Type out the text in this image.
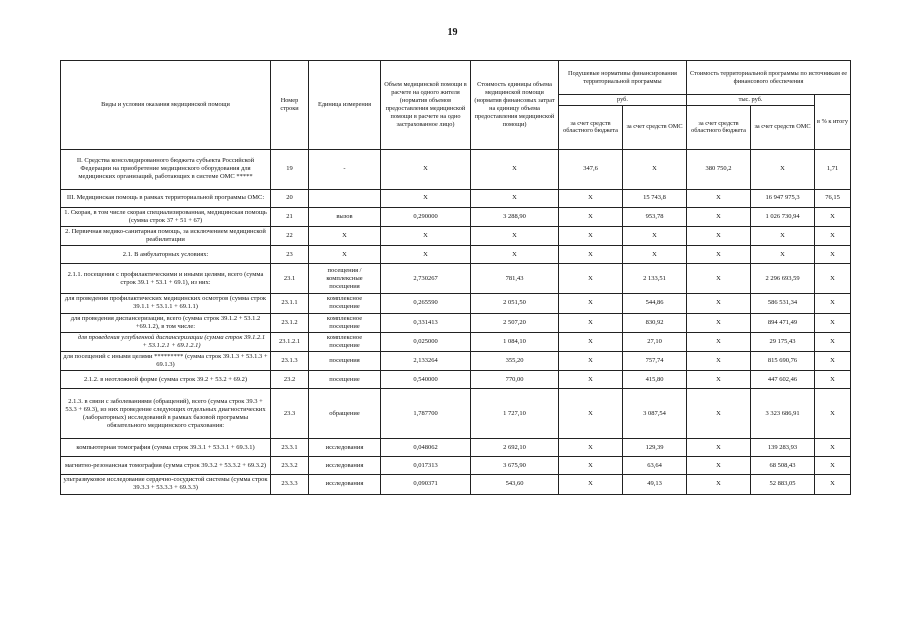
19
Виды и условия оказания медицинской помощи	Номер строки	Единица измерения	Объем медицинской помощи в расчете на одного жителя (норматив объемов предоставления медицинской помощи в расчете на одно застрахованное лицо)	Стоимость единицы объема медицинской помощи (норматив финансовых затрат на единицу объема предоставления медицинской помощи)	Подушевые нормативы финансирования территориальной программы		Стоимость территориальной программы по источникам ее финансового обеспечения		
					руб.		тыс. руб.		в % к итогу
					за счет средств областного бюджета	за счет средств ОМС	за счет средств областного бюджета	за счет средств ОМС	
II. Средства консолидированного бюджета субъекта Российской Федерации на приобретение медицинского оборудования для медицинских организаций, работающих в системе ОМС *****	19	-	X	X	347,6	X	380 750,2	X	1,71
III. Медицинская помощь в рамках территориальной программы ОМС:	20		X	X	X	15 743,8	X	16 947 975,3	76,15
1. Скорая, в том числе скорая специализированная, медицинская помощь (сумма строк 37 + 51 + 67)	21	вызов	0,290000	3 288,90	X	953,78	X	1 026 730,94	X
2. Первичная медико-санитарная помощь, за исключением медицинской реабилитации	22	X	X	X	X	X	X	X	X
2.1. В амбулаторных условиях:	23	X	X	X	X	X	X	X	X
2.1.1. посещения с профилактическими и иными целями, всего (сумма строк 39.1 + 53.1 + 69.1), из них:	23.1	посещения / комплексные посещения	2,730267	781,43	X	2 133,51	X	2 296 693,59	X
для проведения профилактических медицинских осмотров (сумма строк 39.1.1 + 53.1.1 + 69.1.1)	23.1.1	комплексное посещение	0,265590	2 051,50	X	544,86	X	586 531,34	X
для проведения диспансеризации, всего (сумма строк 39.1.2 + 53.1.2 +69.1.2), в том числе:	23.1.2	комплексное посещение	0,331413	2 507,20	X	830,92	X	894 471,49	X
для проведения углубленной диспансеризации (сумма строк 39.1.2.1 + 53.1.2.1 + 69.1.2.1)	23.1.2.1	комплексное посещение	0,025000	1 084,10	X	27,10	X	29 175,43	X
для посещений с иными целями ********* (сумма строк 39.1.3 + 53.1.3 + 69.1.3)	23.1.3	посещения	2,133264	355,20	X	757,74	X	815 690,76	X
2.1.2. в неотложной форме (сумма строк 39.2 + 53.2 + 69.2)	23.2	посещение	0,540000	770,00	X	415,80	X	447 602,46	X
2.1.3. в связи с заболеваниями (обращений), всего (сумма строк 39.3 + 53.3 + 69.3), из них проведение следующих отдельных диагностических (лабораторных) исследований в рамках базовой программы обязательного медицинского страхования:	23.3	обращение	1,787700	1 727,10	X	3 087,54	X	3 323 686,91	X
компьютерная томография (сумма строк 39.3.1 + 53.3.1 + 69.3.1)	23.3.1	исследования	0,048062	2 692,10	X	129,39	X	139 283,93	X
магнитно-резонансная томография (сумма строк 39.3.2 + 53.3.2 + 69.3.2)	23.3.2	исследования	0,017313	3 675,90	X	63,64	X	68 508,43	X
ультразвуковое исследование сердечно-сосудистой системы (сумма строк 39.3.3 + 53.3.3 + 69.3.3)	23.3.3	исследования	0,090371	543,60	X	49,13	X	52 883,05	X
